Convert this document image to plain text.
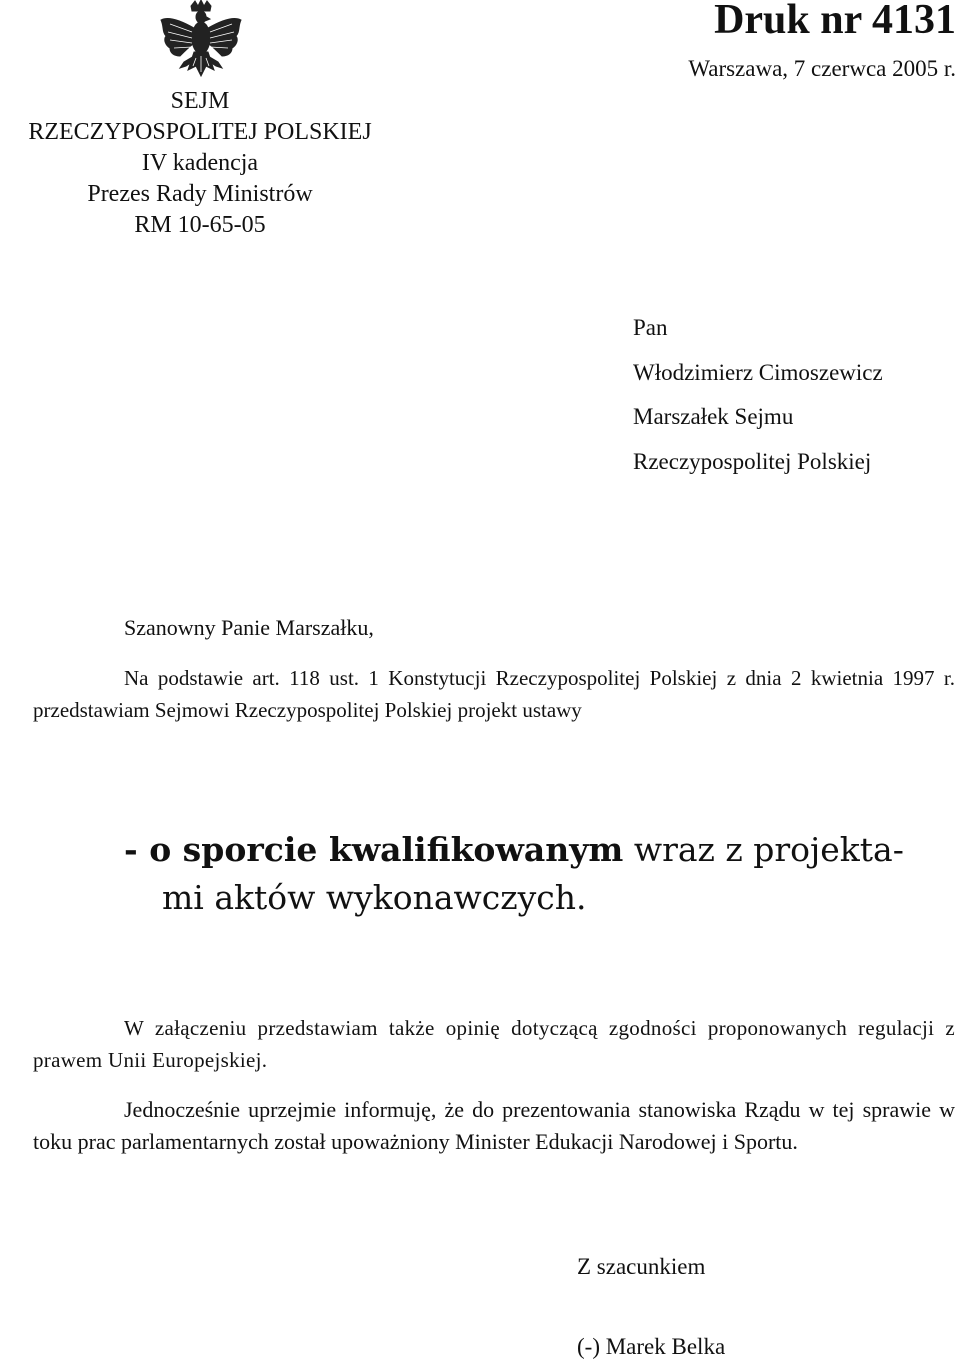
SEJM
RZECZYPOSPOLITEJ POLSKIEJ
IV kadencja
Prezes Rady Ministrów
RM 10-65-05
Druk nr 4131
Warszawa, 7 czerwca 2005 r.
Pan
Włodzimierz Cimoszewicz
Marszałek Sejmu
Rzeczypospolitej Polskiej
Szanowny Panie Marszałku,
Na podstawie art. 118 ust. 1 Konstytucji Rzeczypospolitej Polskiej z dnia 2 kwietnia 1997 r. przedstawiam Sejmowi Rzeczypospolitej Polskiej projekt ustawy
- o sporcie kwalifikowanym wraz z projekta-
mi aktów wykonawczych.
W załączeniu przedstawiam także opinię dotyczącą zgodności proponowanych regulacji z prawem Unii Europejskiej.
Jednocześnie uprzejmie informuję, że do prezentowania stanowiska Rządu w tej sprawie w toku prac parlamentarnych został upoważniony Minister Edukacji Narodowej i Sportu.
Z szacunkiem
(-) Marek Belka
